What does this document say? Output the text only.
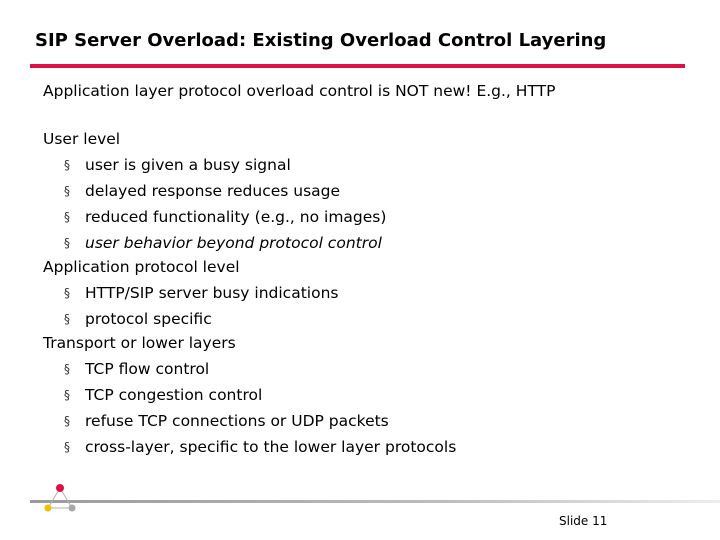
SIP Server Overload: Existing Overload Control Layering
Application layer protocol overload control is NOT new! E.g., HTTP
User level
§ user is given a busy signal
§ delayed response reduces usage
§ reduced functionality (e.g., no images)
§ user behavior beyond protocol control
Application protocol level
§ HTTP/SIP server busy indications
§ protocol specific
Transport or lower layers
§ TCP flow control
§ TCP congestion control
§ refuse TCP connections or UDP packets
§ cross-layer, specific to the lower layer protocols
Slide 11
